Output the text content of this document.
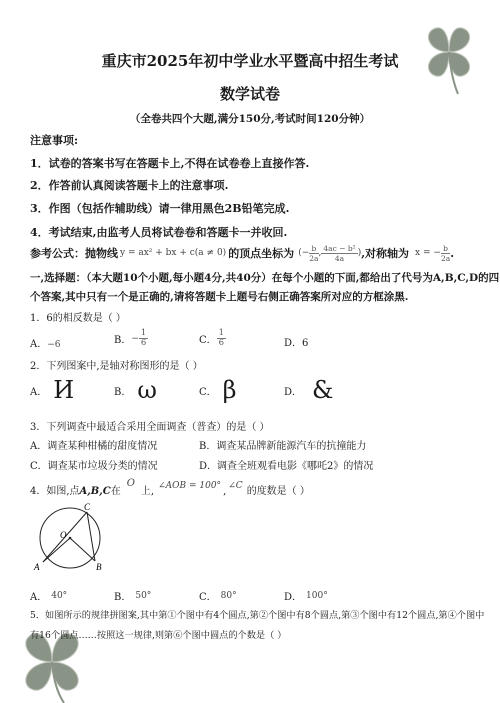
重庆市2025年初中学业水平暨高中招生考试
数学试卷
（全卷共四个大题,满分150分,考试时间120分钟）
注意事项:
1．试卷的答案书写在答题卡上,不得在试卷卷上直接作答.
2．作答前认真阅读答题卡上的注意事项.
3．作图（包括作辅助线）请一律用黑色2B铅笔完成.
4．考试结束,由监考人员将试卷卷和答题卡一并收回.
参考公式：抛物线 y = ax² + bx + c(a ≠ 0) 的顶点坐标为 (− $\frac{b}{2a}$ , $\frac{\text{4ac − b²}}{4a}$ ) ,对称轴为 x = − $\frac{b}{2a}$ .
一,选择题：（本大题10个小题,每小题4分,共40分）在每个小题的下面,都给出了代号为A,B,C,D的四
个答案,其中只有一个是正确的,请将答题卡上题号右侧正确答案所对应的方框涂黑.
1．6的相反数是（ ）
A． −6	B． − $\frac{1}{6}$	C． $\frac{1}{6}$	D．6
2．下列图案中,是轴对称图形的是（ ）
A． И	B． ω	C． β	D． &
3．下列调查中最适合采用全面调查（普查）的是（ ）
A．调查某种柑橘的甜度情况	B．调查某品牌新能源汽车的抗撞能力
C．调查某市垃圾分类的情况	D．调查全班观看电影《哪吒2》的情况
4．如图,点 A,B,C 在
O
上, ∠AOB = 100° , ∠C 的度数是（ ）
C
O
A	B
A． 40°	B． 50°	C． 80°	D． 100°
5．如图所示的规律拼图案,其中第①个图中有4个圆点,第②个图中有8个圆点,第③个图中有12个圆点,第④个图中
有16个圆点……按照这一规律,则第⑥个图中圆点的个数是（ ）
